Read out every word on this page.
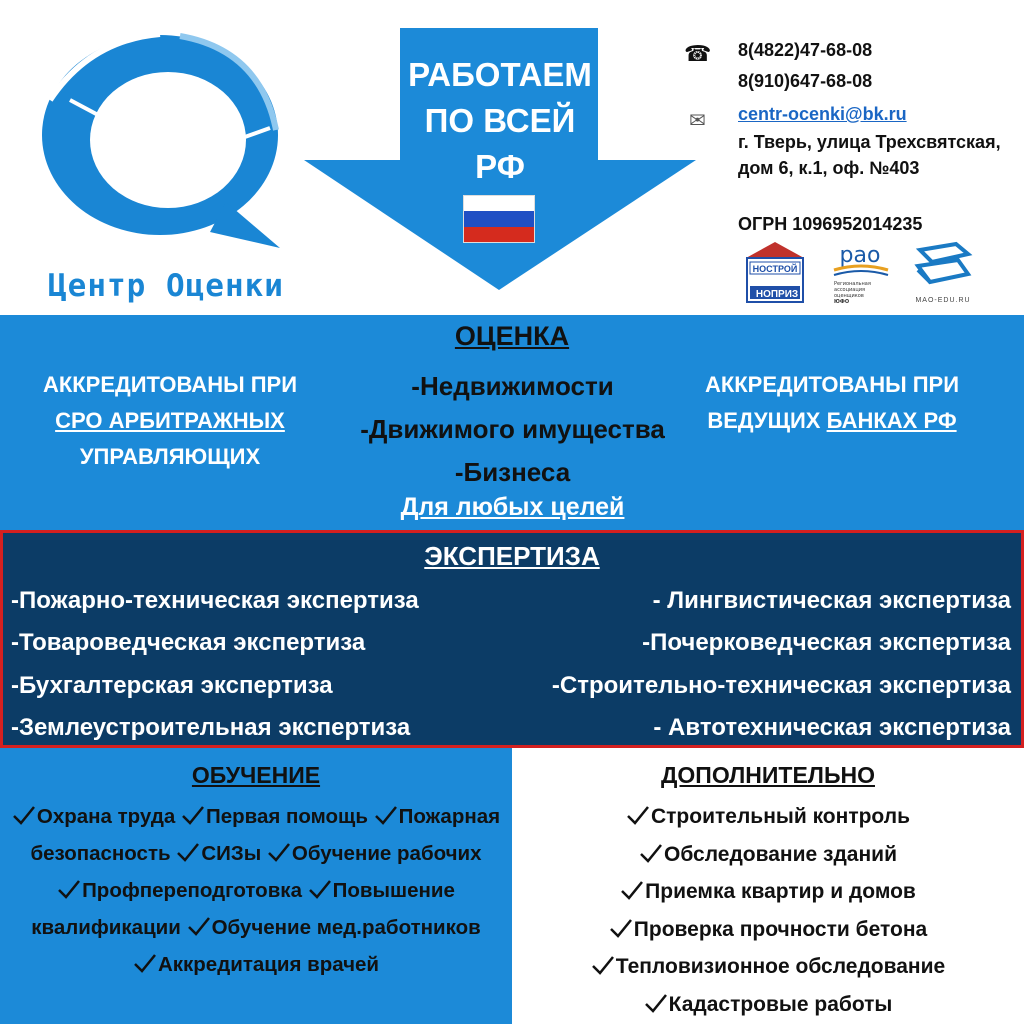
Центр Оценки
РАБОТАЕМ
ПО ВСЕЙ
РФ
☎
✉
8(4822)47-68-08
8(910)647-68-08
centr-ocenki@bk.ru
г. Тверь, улица Трехсвятская,
дом 6, к.1, оф. №403
ОГРН 1096952014235
НОСТРОЙ
НОПРИЗ
рао
Региональная
ассоциация
оценщиков
ЮФО	MAO-EDU.RU
ОЦЕНКА
АККРЕДИТОВАНЫ ПРИ
СРО АРБИТРАЖНЫХ
УПРАВЛЯЮЩИХ
-Недвижимости
-Движимого имущества
-Бизнеса
Для любых целей
АККРЕДИТОВАНЫ ПРИ
ВЕДУЩИХ БАНКАХ РФ
ЭКСПЕРТИЗА
-Пожарно-техническая экспертиза
-Товароведческая экспертиза
-Бухгалтерская экспертиза
-Землеустроительная экспертиза
- Лингвистическая экспертиза
-Почерковедческая экспертиза
-Строительно-техническая экспертиза
- Автотехническая экспертиза
ОБУЧЕНИЕ
Охрана труда Первая помощь Пожарная
безопасность СИЗы Обучение рабочих
Профпереподготовка Повышение
квалификации Обучение мед.работников
Аккредитация врачей
ДОПОЛНИТЕЛЬНО
Строительный контроль
Обследование зданий
Приемка квартир и домов
Проверка прочности бетона
Тепловизионное обследование
Кадастровые работы
